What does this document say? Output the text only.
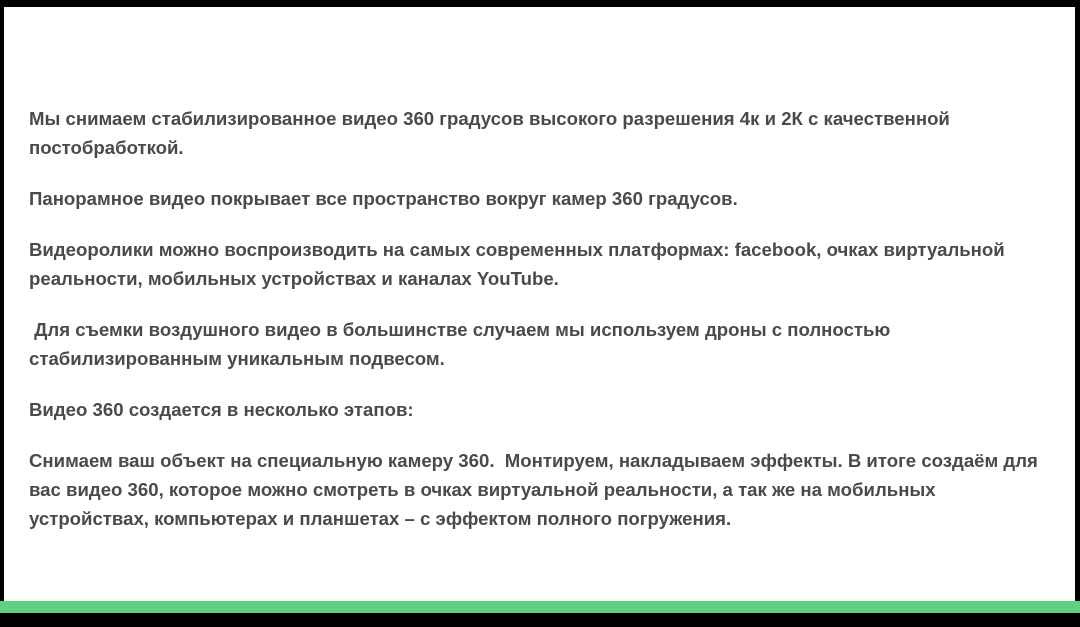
Мы снимаем стабилизированное видео 360 градусов высокого разрешения 4к и 2К с качественной постобработкой.

Панорамное видео покрывает все пространство вокруг камер 360 градусов.

Видеоролики можно воспроизводить на самых современных платформах: facebook, очках виртуальной реальности, мобильных устройствах и каналах YouTube.

Для съемки воздушного видео в большинстве случаем мы используем дроны с полностью стабилизированным уникальным подвесом.

Видео 360 создается в несколько этапов:

Снимаем ваш объект на специальную камеру 360.  Монтируем, накладываем эффекты. В итоге создаём для вас видео 360, которое можно смотреть в очках виртуальной реальности, а так же на мобильных устройствах, компьютерах и планшетах – с эффектом полного погружения.
